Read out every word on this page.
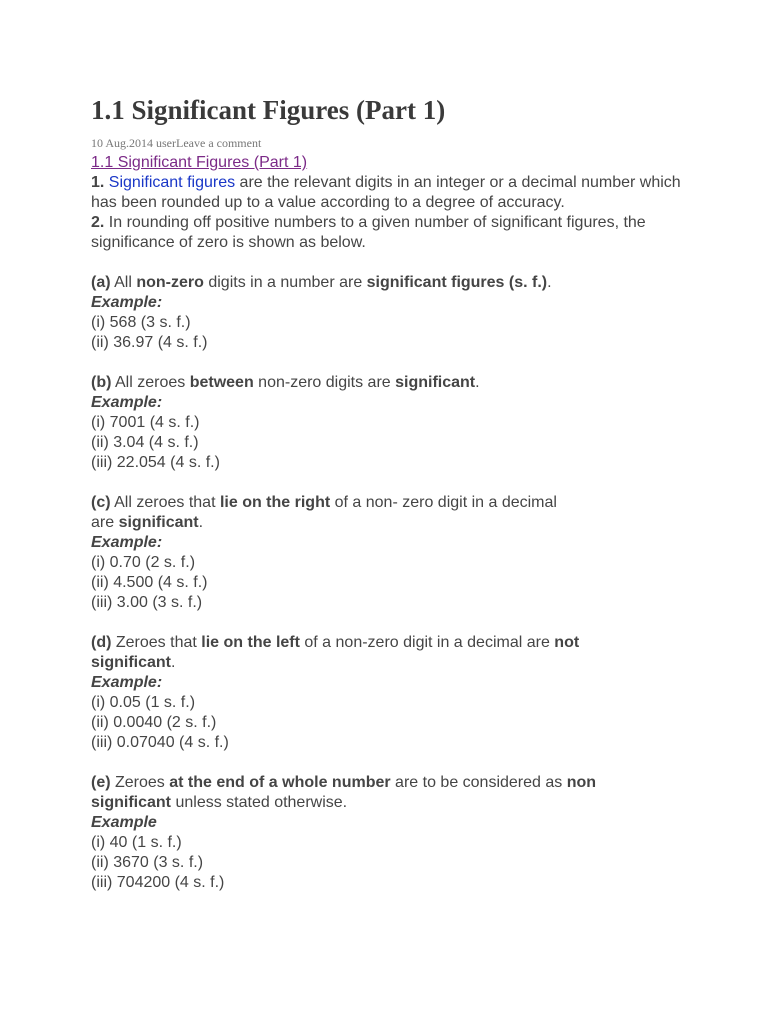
1.1 Significant Figures (Part 1)
10 Aug.2014 userLeave a comment
1.1 Significant Figures (Part 1)

1. Significant figures are the relevant digits in an integer or a decimal number which has been rounded up to a value according to a degree of accuracy.

2. In rounding off positive numbers to a given number of significant figures, the significance of zero is shown as below.

(a) All non-zero digits in a number are significant figures (s. f.).

Example:

(i) 568 (3 s. f.)

(ii) 36.97 (4 s. f.)

(b) All zeroes between non-zero digits are significant.

Example:

(i) 7001 (4 s. f.)

(ii) 3.04 (4 s. f.)

(iii) 22.054 (4 s. f.)

(c) All zeroes that lie on the right of a non- zero digit in a decimal
are significant.

Example:

(i) 0.70 (2 s. f.)

(ii) 4.500 (4 s. f.)

(iii) 3.00 (3 s. f.)

(d) Zeroes that lie on the left of a non-zero digit in a decimal are not
significant.

Example:

(i) 0.05 (1 s. f.)

(ii) 0.0040 (2 s. f.)

(iii) 0.07040 (4 s. f.)

(e) Zeroes at the end of a whole number are to be considered as non
significant unless stated otherwise.

Example

(i) 40 (1 s. f.)

(ii) 3670 (3 s. f.)

(iii) 704200 (4 s. f.)
